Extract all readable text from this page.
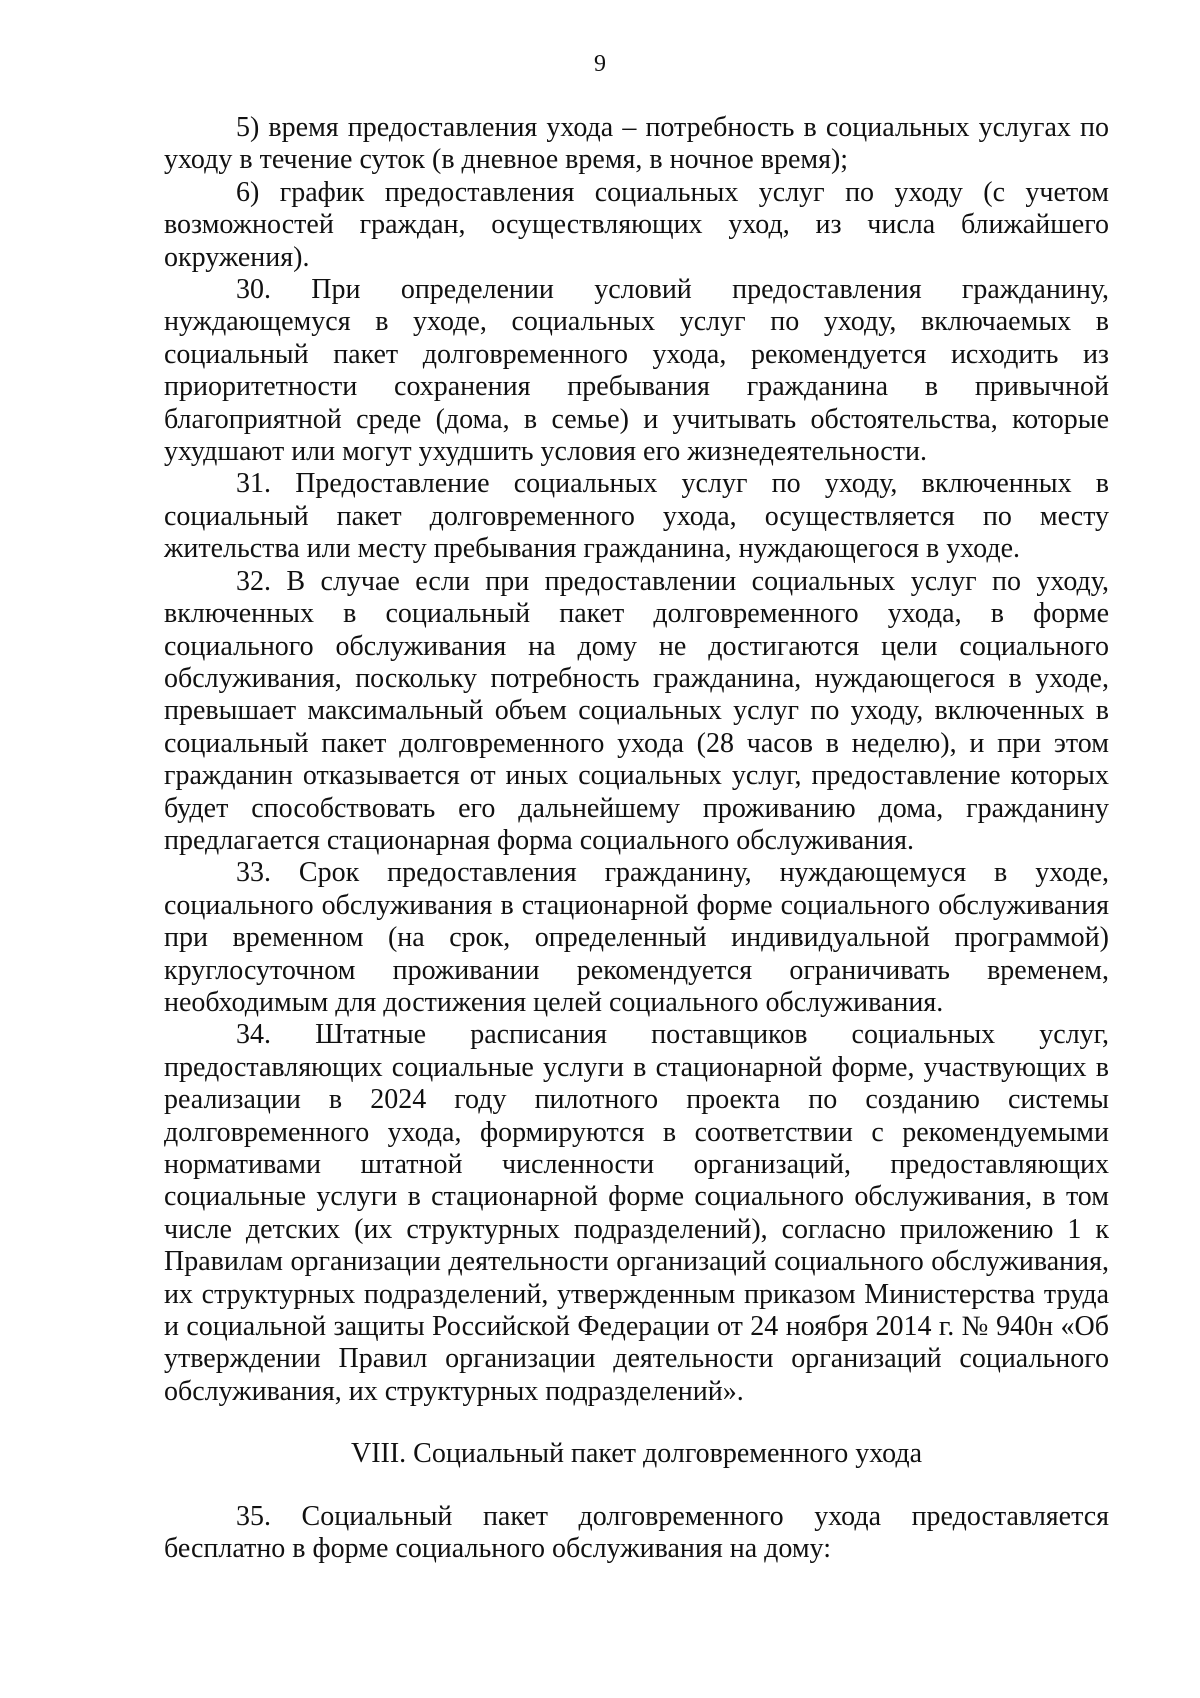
9

5) время предоставления ухода – потребность в социальных услугах по уходу в течение суток (в дневное время, в ночное время);

6) график предоставления социальных услуг по уходу (с учетом возможностей граждан, осуществляющих уход, из числа ближайшего окружения).

30. При определении условий предоставления гражданину, нуждающемуся в уходе, социальных услуг по уходу, включаемых в социальный пакет долговременного ухода, рекомендуется исходить из приоритетности сохранения пребывания гражданина в привычной благоприятной среде (дома, в семье) и учитывать обстоятельства, которые ухудшают или могут ухудшить условия его жизнедеятельности.

31. Предоставление социальных услуг по уходу, включенных в социальный пакет долговременного ухода, осуществляется по месту жительства или месту пребывания гражданина, нуждающегося в уходе.

32. В случае если при предоставлении социальных услуг по уходу, включенных в социальный пакет долговременного ухода, в форме социального обслуживания на дому не достигаются цели социального обслуживания, поскольку потребность гражданина, нуждающегося в уходе, превышает максимальный объем социальных услуг по уходу, включенных в социальный пакет долговременного ухода (28 часов в неделю), и при этом гражданин отказывается от иных социальных услуг, предоставление которых будет способствовать его дальнейшему проживанию дома, гражданину предлагается стационарная форма социального обслуживания.

33. Срок предоставления гражданину, нуждающемуся в уходе, социального обслуживания в стационарной форме социального обслуживания при временном (на срок, определенный индивидуальной программой) круглосуточном проживании рекомендуется ограничивать временем, необходимым для достижения целей социального обслуживания.

34. Штатные расписания поставщиков социальных услуг, предоставляющих социальные услуги в стационарной форме, участвующих в реализации в 2024 году пилотного проекта по созданию системы долговременного ухода, формируются в соответствии с рекомендуемыми нормативами штатной численности организаций, предоставляющих социальные услуги в стационарной форме социального обслуживания, в том числе детских (их структурных подразделений), согласно приложению 1 к Правилам организации деятельности организаций социального обслуживания, их структурных подразделений, утвержденным приказом Министерства труда и социальной защиты Российской Федерации от 24 ноября 2014 г. № 940н «Об утверждении Правил организации деятельности организаций социального обслуживания, их структурных подразделений».

VIII. Социальный пакет долговременного ухода

35. Социальный пакет долговременного ухода предоставляется бесплатно в форме социального обслуживания на дому:
